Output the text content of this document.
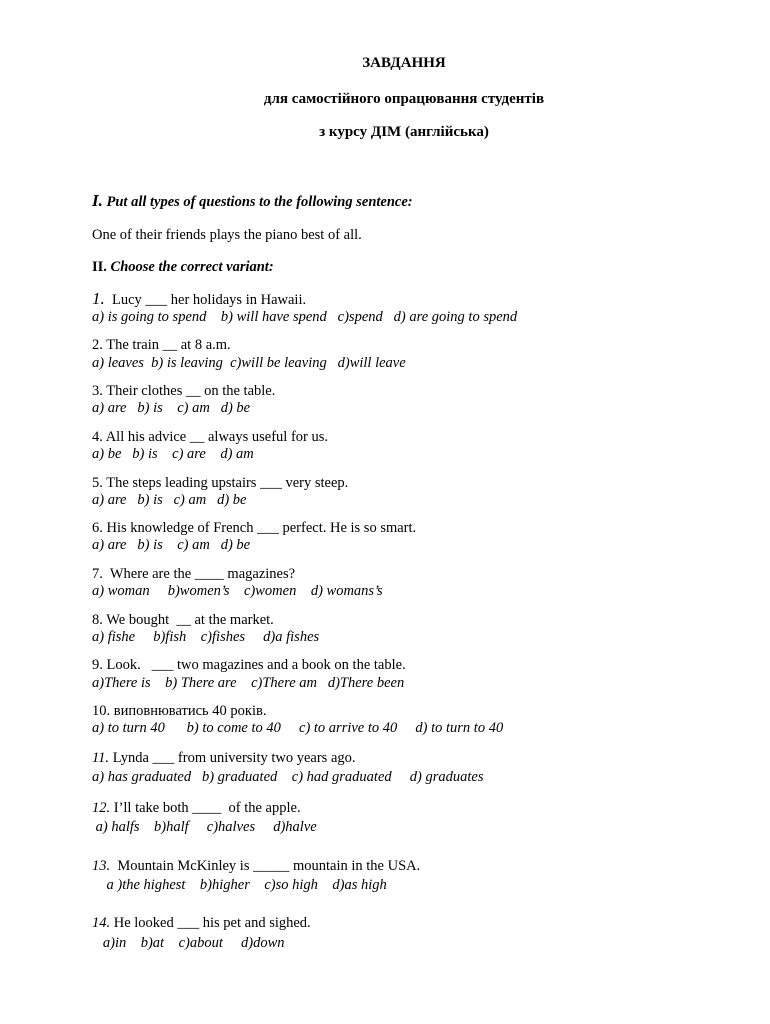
ЗАВДАННЯ
для самостійного опрацювання студентів
з курсу ДІМ (англійська)
I. Put all types of questions to the following sentence:
One of their friends plays the piano best of all.
II. Choose the correct variant:
1.  Lucy ___ her holidays in Hawaii.
a) is going to spend    b) will have spend   c)spend   d) are going to spend
2. The train __ at 8 a.m.
a) leaves  b) is leaving  c)will be leaving   d)will leave
3. Their clothes __ on the table.
a) are   b) is    c) am   d) be
4. All his advice __ always useful for us.
a) be   b) is    c) are    d) am
5. The steps leading upstairs ___ very steep.
a) are   b) is   c) am   d) be
6. His knowledge of French ___ perfect. He is so smart.
a) are   b) is    c) am   d) be
7.  Where are the ____ magazines?
a) woman     b)women’s    c)women    d) womans’s
8. We bought  __ at the market.
a) fishe     b)fish    c)fishes     d)a fishes
9. Look.   ___ two magazines and a book on the table.
a)There is    b) There are    c)There am   d)There been
10. виповнюватись 40 років.
a) to turn 40      b) to come to 40     c) to arrive to 40     d) to turn to 40
11. Lynda ___ from university two years ago.
a) has graduated   b) graduated    c) had graduated     d) graduates
12. I’ll take both ____  of the apple.
a) halfs    b)half     c)halves     d)halve
13.  Mountain McKinley is _____ mountain in the USA.
a )the highest    b)higher    c)so high    d)as high
14. He looked ___ his pet and sighed.
a)in    b)at    c)about     d)down
